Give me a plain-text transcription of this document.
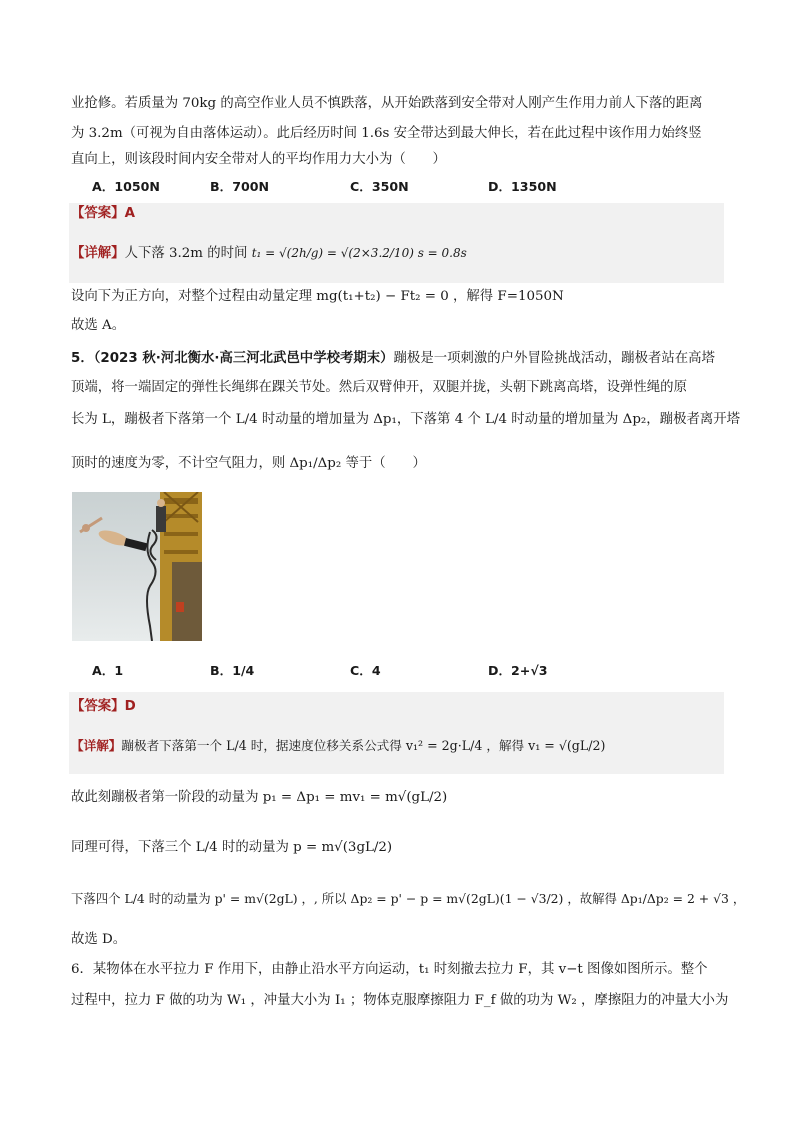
业抢修。若质量为 70kg 的高空作业人员不慎跌落，从开始跌落到安全带对人刚产生作用力前人下落的距离
为 3.2m（可视为自由落体运动）。此后经历时间 1.6s 安全带达到最大伸长，若在此过程中该作用力始终竖
直向上，则该段时间内安全带对人的平均作用力大小为（　　）
A．1050N	B．700N	C．350N	D．1350N
【答案】A
【详解】人下落 3.2m 的时间 t₁ = √(2h/g) = √(2×3.2/10) s = 0.8s
设向下为正方向，对整个过程由动量定理 mg(t₁+t₂) − Ft₂ = 0 ，解得 F=1050N
故选 A。
5．（2023 秋·河北衡水·高三河北武邑中学校考期末）蹦极是一项刺激的户外冒险挑战活动，蹦极者站在高塔
顶端，将一端固定的弹性长绳绑在踝关节处。然后双臂伸开，双腿并拢，头朝下跳离高塔，设弹性绳的原
长为 L，蹦极者下落第一个 L/4 时动量的增加量为 Δp₁，下落第 4 个 L/4 时动量的增加量为 Δp₂，蹦极者离开塔
顶时的速度为零，不计空气阻力，则 Δp₁/Δp₂ 等于（　　）
A．1	B．1/4	C．4	D．2+√3
【答案】D
【详解】蹦极者下落第一个 L/4 时，据速度位移关系公式得 v₁² = 2g·L/4 ，解得 v₁ = √(gL/2)
故此刻蹦极者第一阶段的动量为 p₁ = Δp₁ = mv₁ = m√(gL/2)
同理可得，下落三个 L/4 时的动量为 p = m√(3gL/2)
下落四个 L/4 时的动量为 p' = m√(2gL) ，, 所以 Δp₂ = p' − p = m√(2gL)(1 − √3/2) ，故解得 Δp₁/Δp₂ = 2 + √3 ，
故选 D。
6．某物体在水平拉力 F 作用下，由静止沿水平方向运动，t₁ 时刻撤去拉力 F，其 v−t 图像如图所示。整个
过程中，拉力 F 做的功为 W₁ ，冲量大小为 I₁ ；物体克服摩擦阻力 F_f 做的功为 W₂ ，摩擦阻力的冲量大小为
